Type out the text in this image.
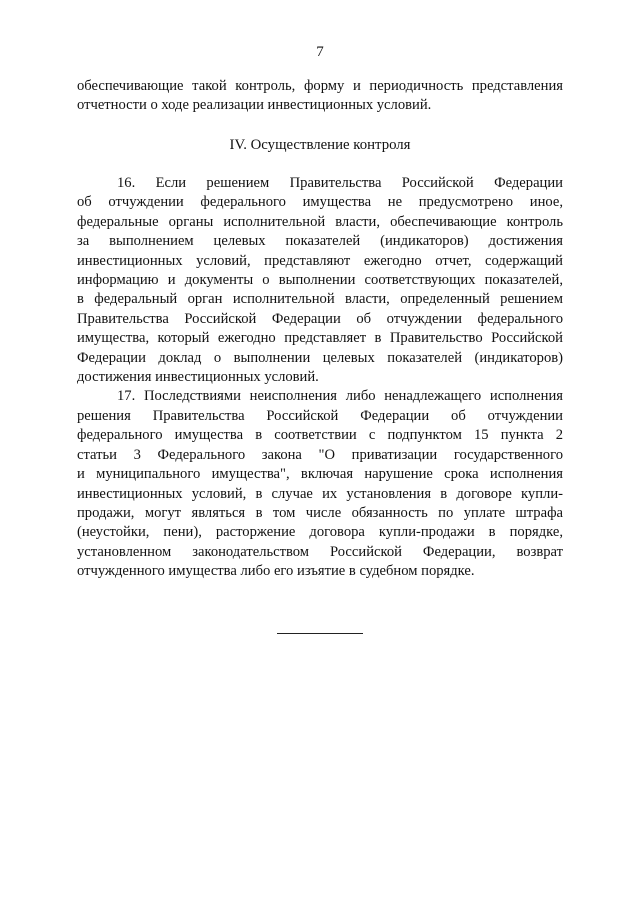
7
обеспечивающие такой контроль, форму и периодичность представления
отчетности о ходе реализации инвестиционных условий.
IV. Осуществление контроля
16. Если решением Правительства Российской Федерации
об отчуждении федерального имущества не предусмотрено иное,
федеральные органы исполнительной власти, обеспечивающие контроль
за выполнением целевых показателей (индикаторов) достижения
инвестиционных условий, представляют ежегодно отчет, содержащий
информацию и документы о выполнении соответствующих показателей,
в федеральный орган исполнительной власти, определенный решением
Правительства Российской Федерации об отчуждении федерального
имущества, который ежегодно представляет в Правительство Российской
Федерации доклад о выполнении целевых показателей (индикаторов)
достижения инвестиционных условий.
17. Последствиями неисполнения либо ненадлежащего исполнения
решения Правительства Российской Федерации об отчуждении
федерального имущества в соответствии с подпунктом 15 пункта 2
статьи 3 Федерального закона "О приватизации государственного
и муниципального имущества", включая нарушение срока исполнения
инвестиционных условий, в случае их установления в договоре купли-
продажи, могут являться в том числе обязанность по уплате штрафа
(неустойки, пени), расторжение договора купли-продажи в порядке,
установленном законодательством Российской Федерации, возврат
отчужденного имущества либо его изъятие в судебном порядке.
